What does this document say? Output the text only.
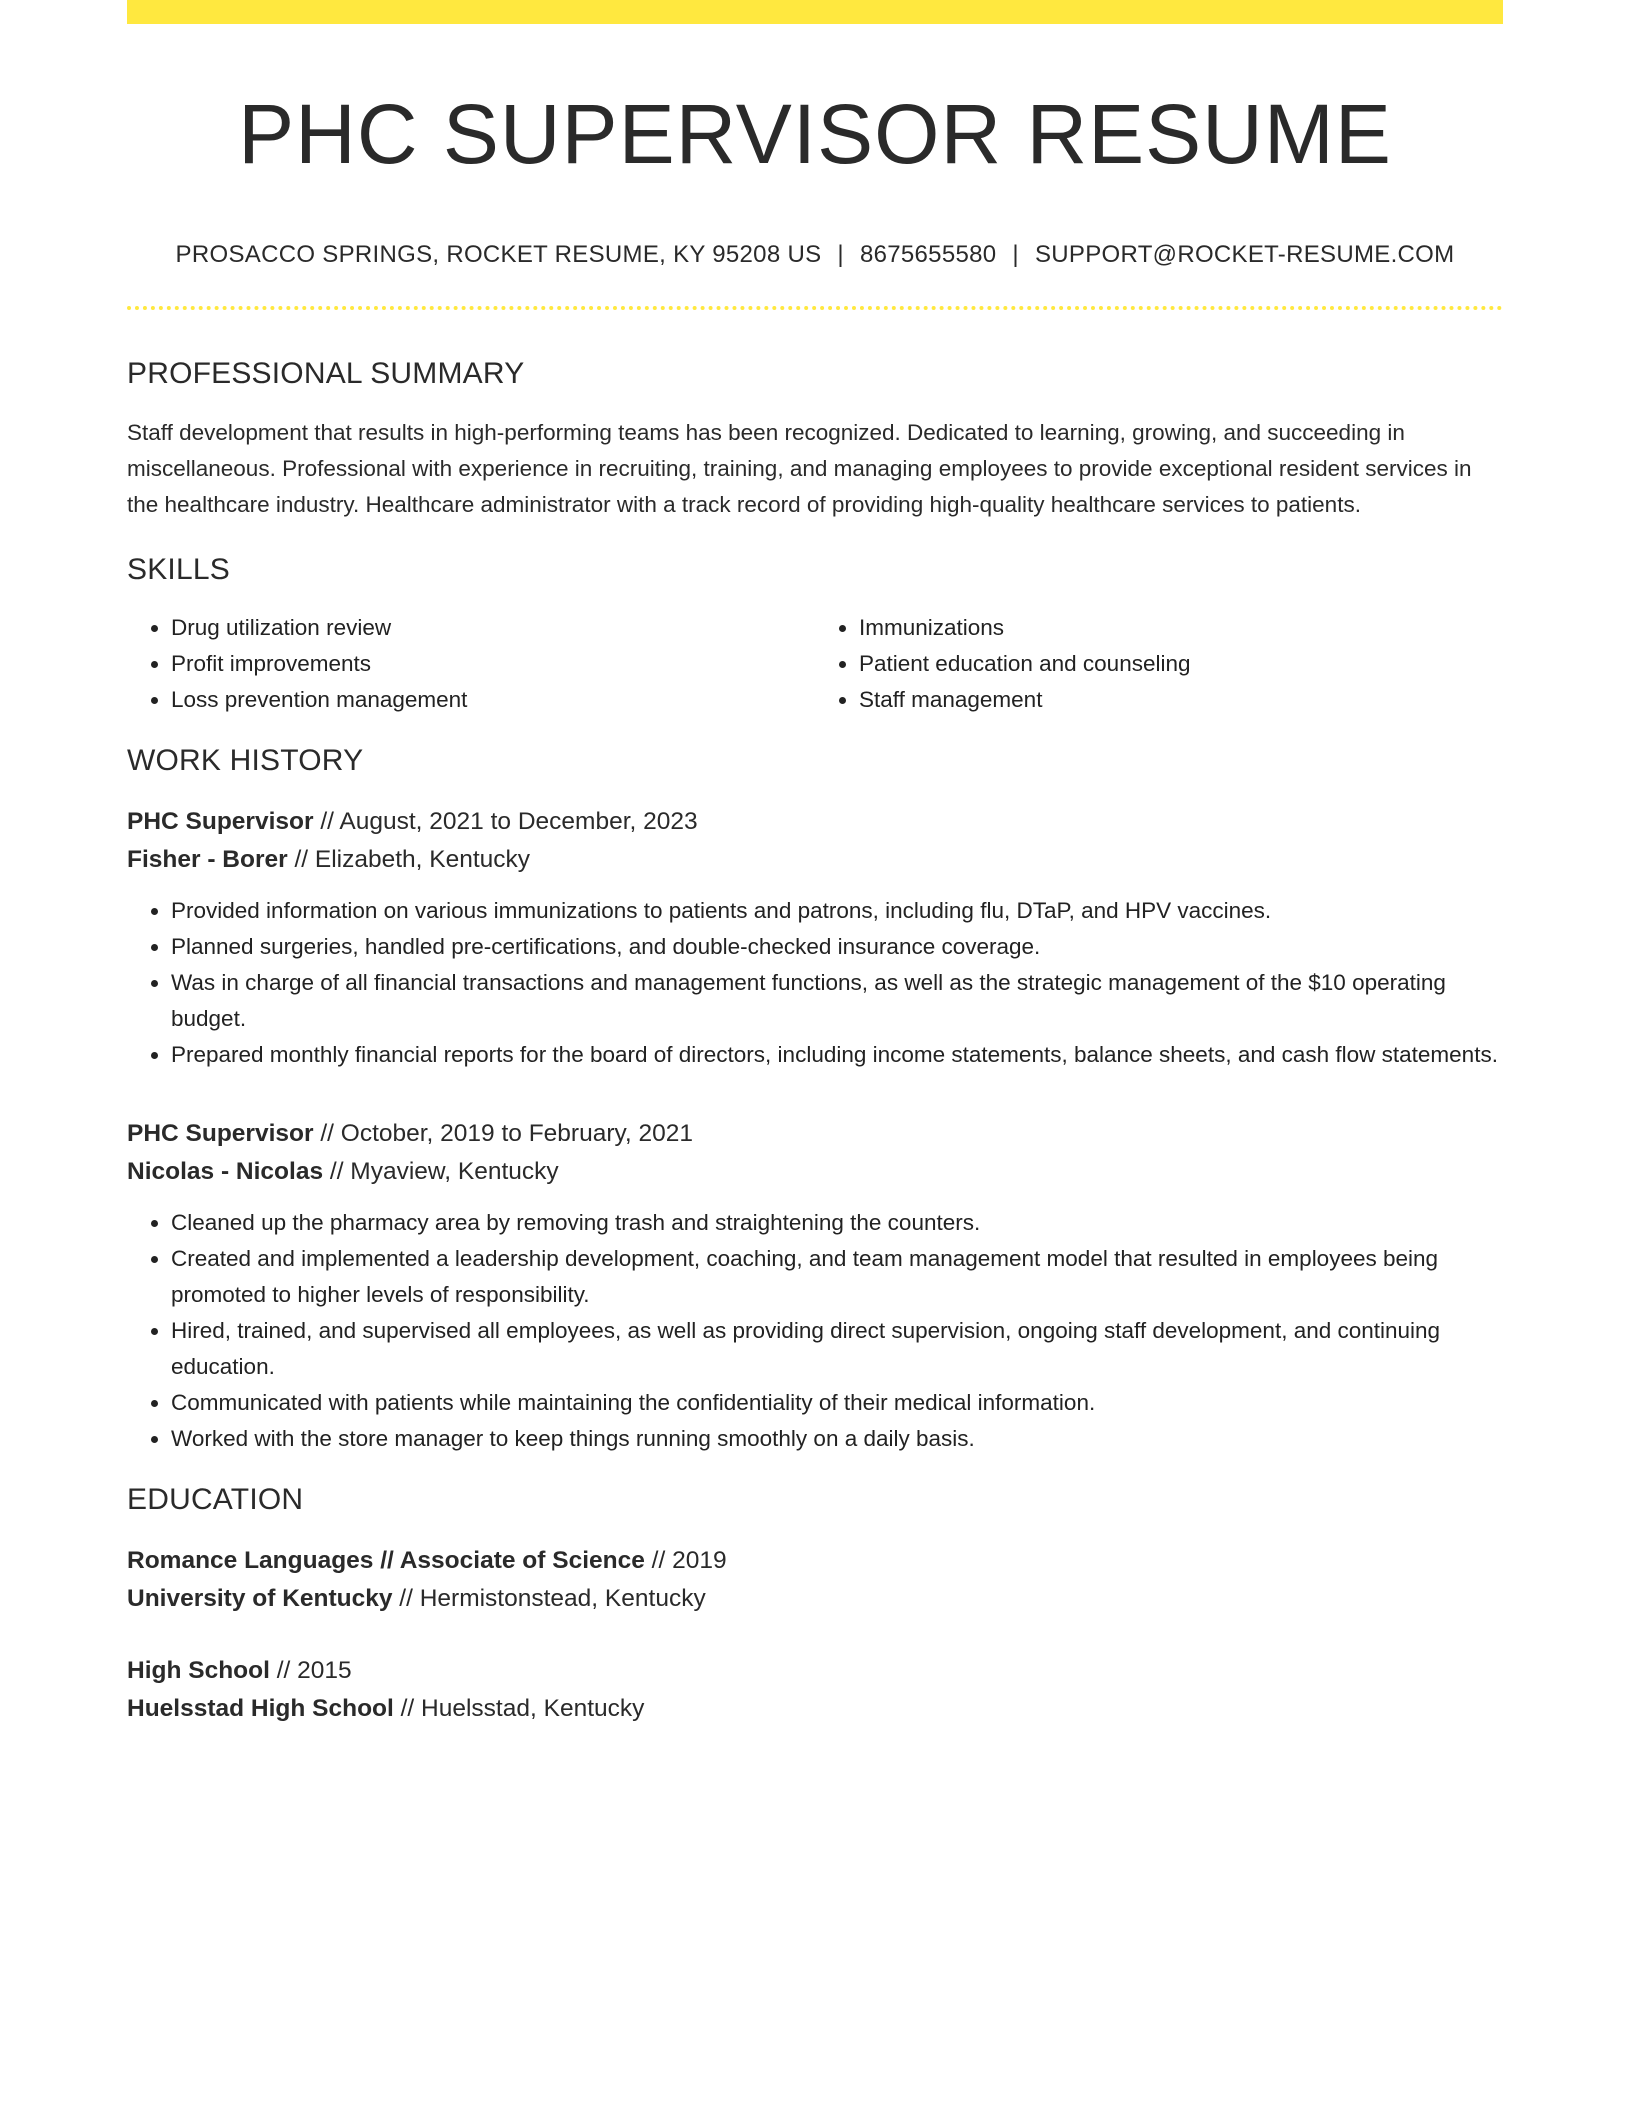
PHC SUPERVISOR RESUME
PROSACCO SPRINGS, ROCKET RESUME, KY 95208 US | 8675655580 | SUPPORT@ROCKET-RESUME.COM
PROFESSIONAL SUMMARY

Staff development that results in high-performing teams has been recognized. Dedicated to learning, growing, and succeeding in miscellaneous. Professional with experience in recruiting, training, and managing employees to provide exceptional resident services in the healthcare industry. Healthcare administrator with a track record of providing high-quality healthcare services to patients.

SKILLS
• Drug utilization review
• Profit improvements
• Loss prevention management
• Immunizations
• Patient education and counseling
• Staff management
WORK HISTORY
PHC Supervisor // August, 2021 to December, 2023
Fisher - Borer // Elizabeth, Kentucky
• Provided information on various immunizations to patients and patrons, including flu, DTaP, and HPV vaccines.
• Planned surgeries, handled pre-certifications, and double-checked insurance coverage.
• Was in charge of all financial transactions and management functions, as well as the strategic management of the $10 operating budget.
• Prepared monthly financial reports for the board of directors, including income statements, balance sheets, and cash flow statements.
PHC Supervisor // October, 2019 to February, 2021
Nicolas - Nicolas // Myaview, Kentucky
• Cleaned up the pharmacy area by removing trash and straightening the counters.
• Created and implemented a leadership development, coaching, and team management model that resulted in employees being promoted to higher levels of responsibility.
• Hired, trained, and supervised all employees, as well as providing direct supervision, ongoing staff development, and continuing education.
• Communicated with patients while maintaining the confidentiality of their medical information.
• Worked with the store manager to keep things running smoothly on a daily basis.
EDUCATION
Romance Languages // Associate of Science // 2019
University of Kentucky // Hermistonstead, Kentucky
High School // 2015
Huelsstad High School // Huelsstad, Kentucky
